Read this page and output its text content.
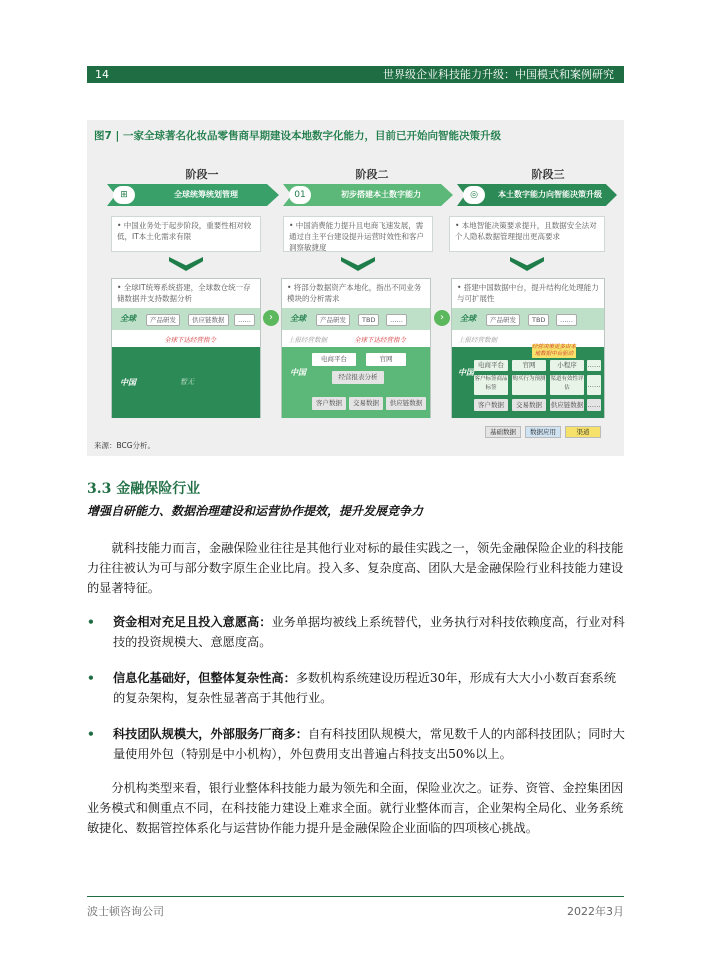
14	世界级企业科技能力升级：中国模式和案例研究
图7 | 一家全球著名化妆品零售商早期建设本地数字化能力，目前已开始向智能决策升级
阶段一	阶段二	阶段三
⊞	全球统筹统划管理	01	初步搭建本土数字能力	◎	本土数字能力向智能决策升级
• 中国业务处于起步阶段，重要性相对较低，IT本土化需求有限
• 中国消费能力提升且电商飞速发展，需通过自主平台建设提升运营时效性和客户洞察敏捷度
• 本地智能决策要求提升，且数据安全法对个人隐私数据管理提出更高要求
• 全球IT统筹系统搭建，全球数仓统一存储数据并支持数据分析
全球	产品研发	供应链数据	……
全球下达经营指令
中国	暂无
›
• 将部分数据资产本地化，指出不同业务模块的分析需求
全球	产品研发	TBD	……
上报经营数据	全球下达经营指令
中国
电商平台	官网
经营报表分析
客户数据	交易数据	供应链数据
›
• 搭建中国数据中台，提升结构化处理能力与可扩展性
全球	产品研发	TBD	……
上报经营数据
经营决策更多由本地数据中台驱动
中国
电商平台	官网	小程序	……
客户标签商品标签
购买行为预测 渠道有效性评估	……
客户数据	交易数据	供应链数据 ……
基础数据	数据应用	渠道
来源：BCG分析。
3.3 金融保险行业
增强自研能力、数据治理建设和运营协作提效，提升发展竞争力
就科技能力而言，金融保险业往往是其他行业对标的最佳实践之一，领先金融保险企业的科技能力往往被认为可与部分数字原生企业比肩。投入多、复杂度高、团队大是金融保险行业科技能力建设的显著特征。
• 资金相对充足且投入意愿高：业务单据均被线上系统替代，业务执行对科技依赖度高，行业对科技的投资规模大、意愿度高。
• 信息化基础好，但整体复杂性高：多数机构系统建设历程近30年，形成有大大小小数百套系统的复杂架构，复杂性显著高于其他行业。
• 科技团队规模大，外部服务厂商多：自有科技团队规模大，常见数千人的内部科技团队；同时大量使用外包（特别是中小机构），外包费用支出普遍占科技支出50%以上。
分机构类型来看，银行业整体科技能力最为领先和全面，保险业次之。证券、资管、金控集团因业务模式和侧重点不同，在科技能力建设上难求全面。就行业整体而言，企业架构全局化、业务系统敏捷化、数据管控体系化与运营协作能力提升是金融保险企业面临的四项核心挑战。
波士顿咨询公司	2022年3月
